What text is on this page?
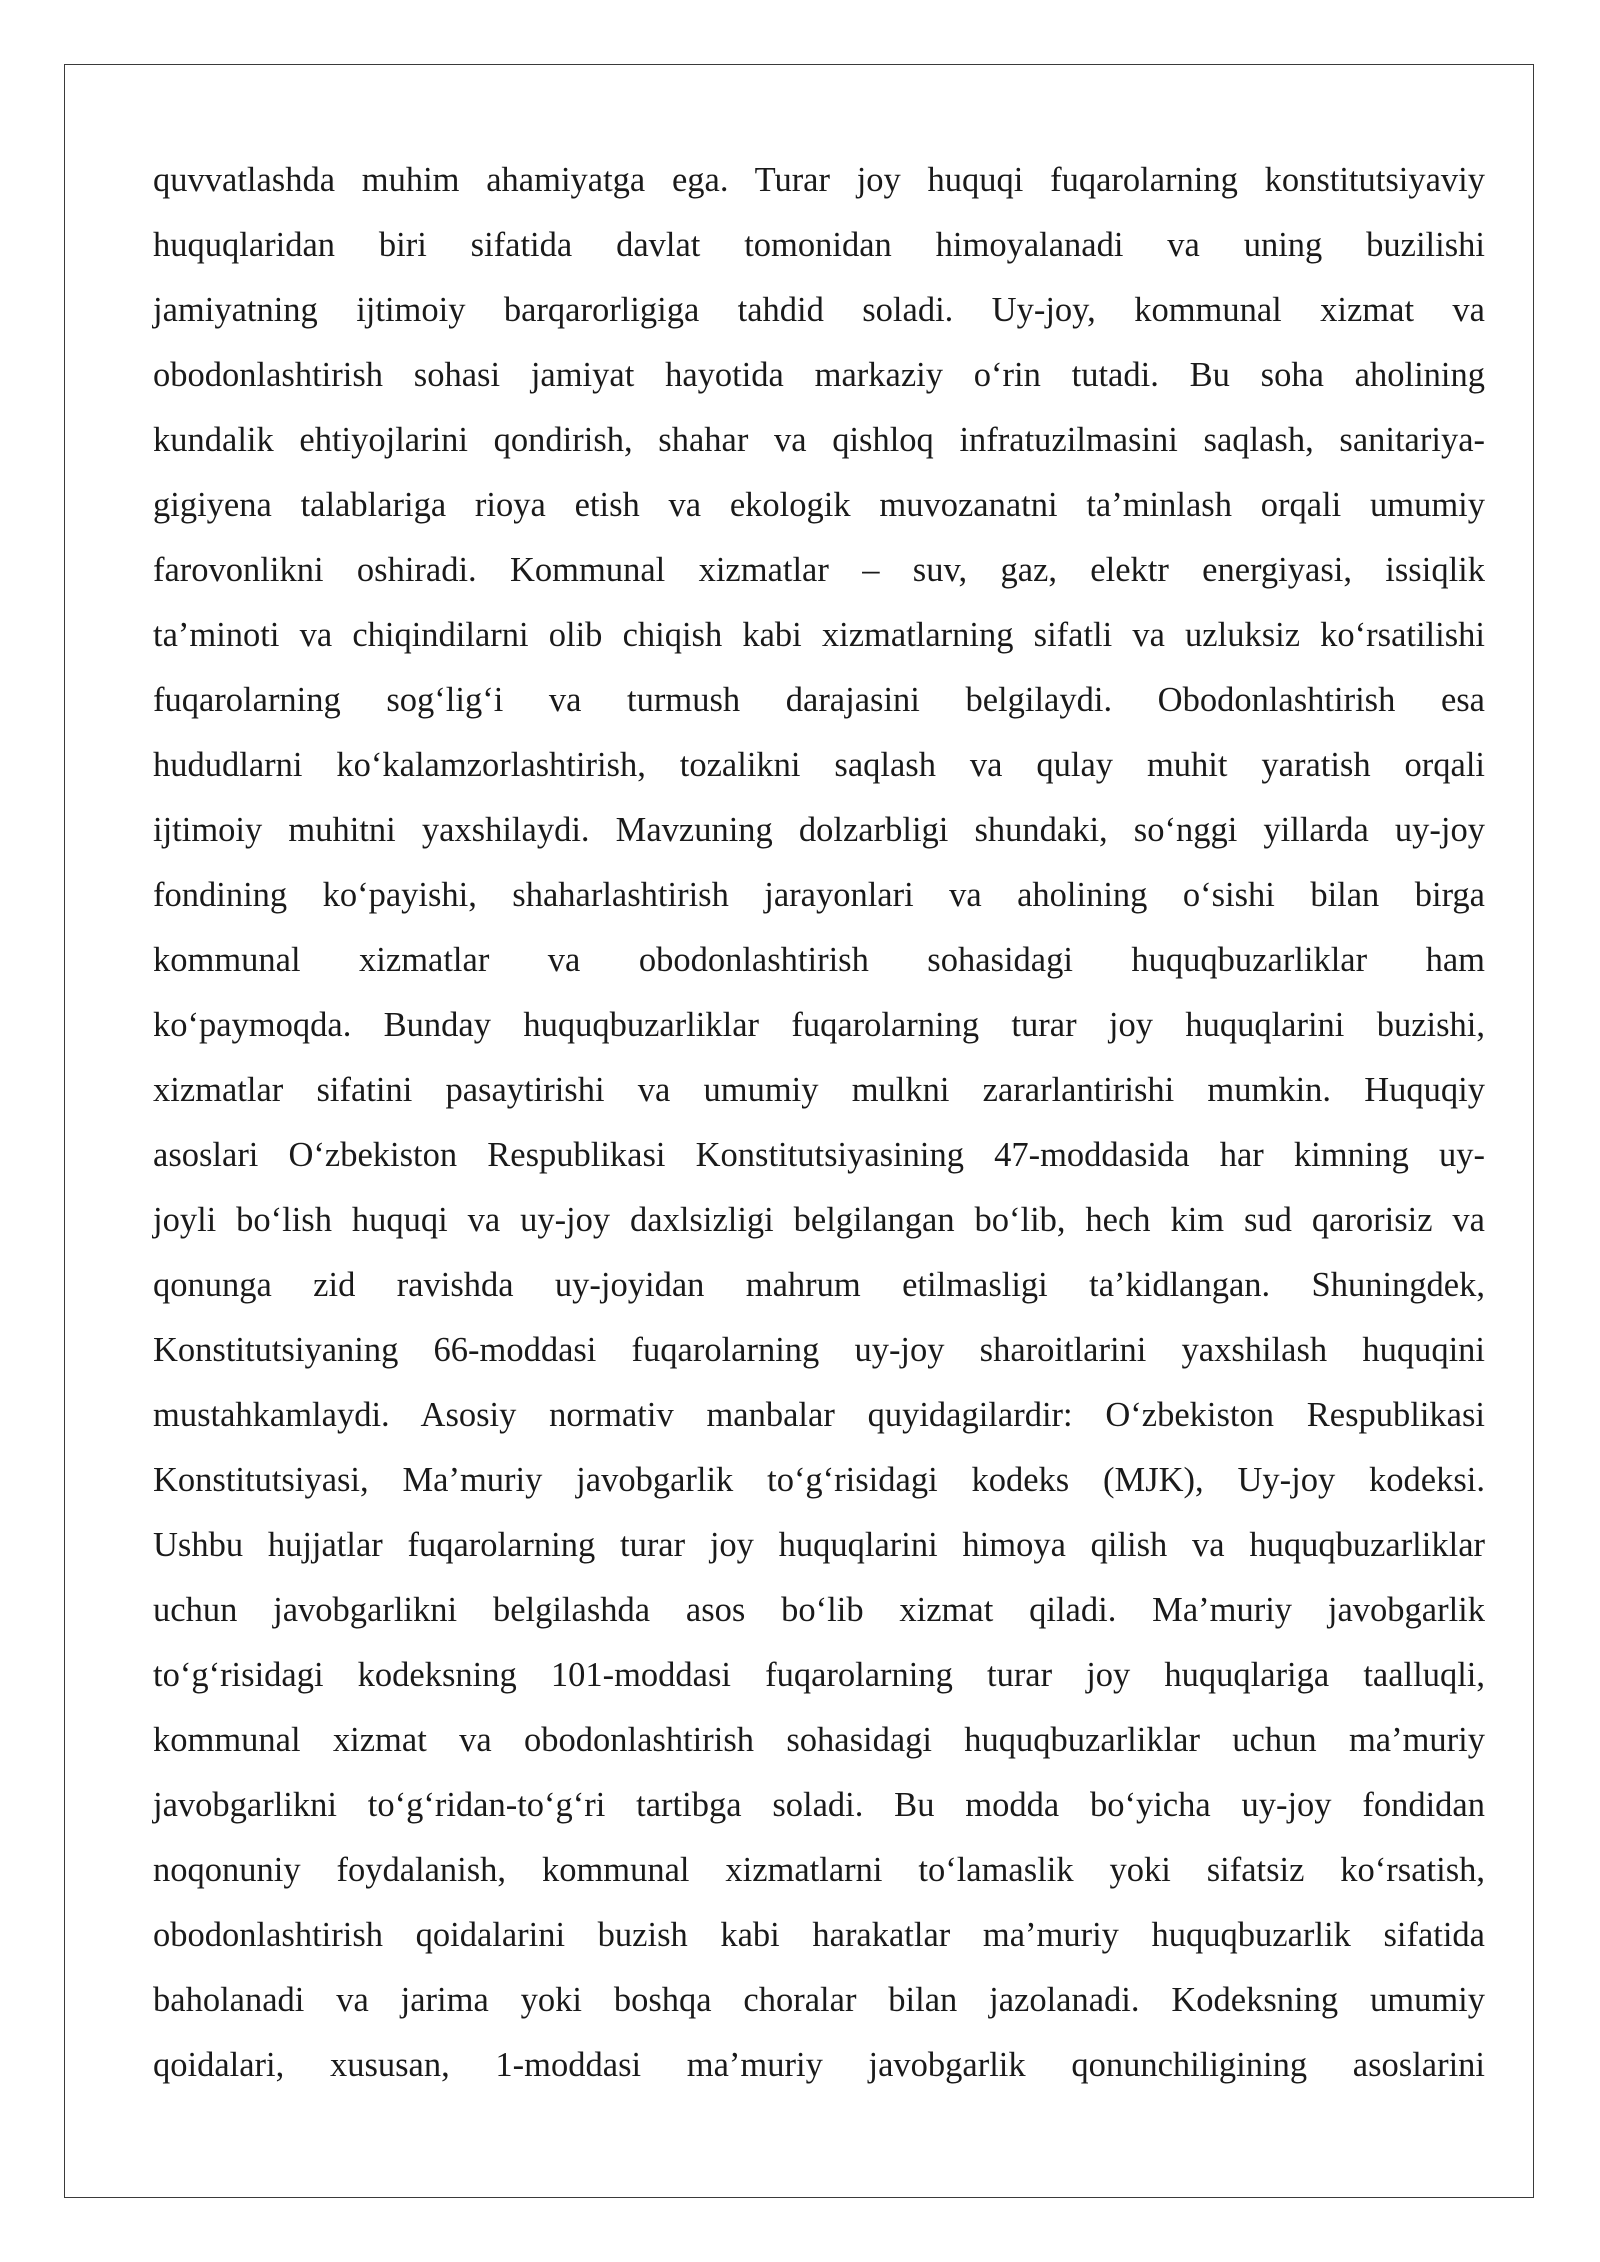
quvvatlashda muhim ahamiyatga ega. Turar joy huquqi fuqarolarning konstitutsiyaviy
huquqlaridan biri sifatida davlat tomonidan himoyalanadi va uning buzilishi
jamiyatning ijtimoiy barqarorligiga tahdid soladi. Uy-joy, kommunal xizmat va
obodonlashtirish sohasi jamiyat hayotida markaziy o‘rin tutadi. Bu soha aholining
kundalik ehtiyojlarini qondirish, shahar va qishloq infratuzilmasini saqlash, sanitariya-
gigiyena talablariga rioya etish va ekologik muvozanatni ta’minlash orqali umumiy
farovonlikni oshiradi. Kommunal xizmatlar – suv, gaz, elektr energiyasi, issiqlik
ta’minoti va chiqindilarni olib chiqish kabi xizmatlarning sifatli va uzluksiz ko‘rsatilishi
fuqarolarning sog‘lig‘i va turmush darajasini belgilaydi. Obodonlashtirish esa
hududlarni ko‘kalamzorlashtirish, tozalikni saqlash va qulay muhit yaratish orqali
ijtimoiy muhitni yaxshilaydi. Mavzuning dolzarbligi shundaki, so‘nggi yillarda uy-joy
fondining ko‘payishi, shaharlashtirish jarayonlari va aholining o‘sishi bilan birga
kommunal xizmatlar va obodonlashtirish sohasidagi huquqbuzarliklar ham
ko‘paymoqda. Bunday huquqbuzarliklar fuqarolarning turar joy huquqlarini buzishi,
xizmatlar sifatini pasaytirishi va umumiy mulkni zararlantirishi mumkin. Huquqiy
asoslari O‘zbekiston Respublikasi Konstitutsiyasining 47-moddasida har kimning uy-
joyli bo‘lish huquqi va uy-joy daxlsizligi belgilangan bo‘lib, hech kim sud qarorisiz va
qonunga zid ravishda uy-joyidan mahrum etilmasligi ta’kidlangan. Shuningdek,
Konstitutsiyaning 66-moddasi fuqarolarning uy-joy sharoitlarini yaxshilash huquqini
mustahkamlaydi. Asosiy normativ manbalar quyidagilardir: O‘zbekiston Respublikasi
Konstitutsiyasi, Ma’muriy javobgarlik to‘g‘risidagi kodeks (MJK), Uy-joy kodeksi.
Ushbu hujjatlar fuqarolarning turar joy huquqlarini himoya qilish va huquqbuzarliklar
uchun javobgarlikni belgilashda asos bo‘lib xizmat qiladi. Ma’muriy javobgarlik
to‘g‘risidagi kodeksning 101-moddasi fuqarolarning turar joy huquqlariga taalluqli,
kommunal xizmat va obodonlashtirish sohasidagi huquqbuzarliklar uchun ma’muriy
javobgarlikni to‘g‘ridan-to‘g‘ri tartibga soladi. Bu modda bo‘yicha uy-joy fondidan
noqonuniy foydalanish, kommunal xizmatlarni to‘lamaslik yoki sifatsiz ko‘rsatish,
obodonlashtirish qoidalarini buzish kabi harakatlar ma’muriy huquqbuzarlik sifatida
baholanadi va jarima yoki boshqa choralar bilan jazolanadi. Kodeksning umumiy
qoidalari, xususan, 1-moddasi ma’muriy javobgarlik qonunchiligining asoslarini
